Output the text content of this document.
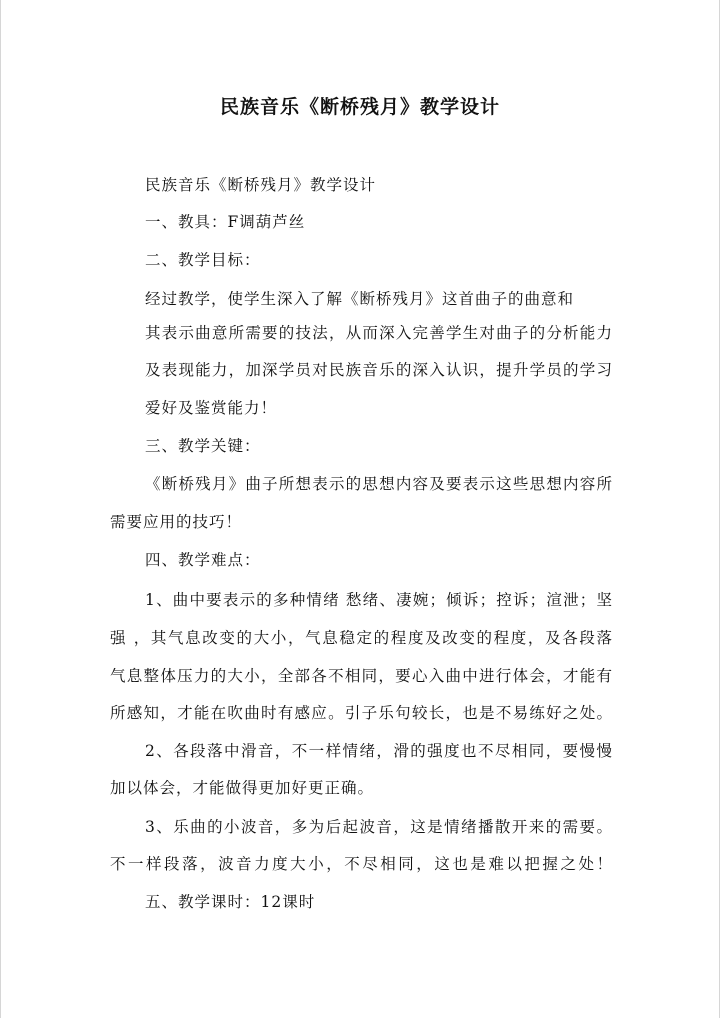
民族音乐《断桥残月》教学设计
民族音乐《断桥残月》教学设计
一、教具：F调葫芦丝
二、教学目标：
经过教学，使学生深入了解《断桥残月》这首曲子的曲意和
其表示曲意所需要的技法，从而深入完善学生对曲子的分析能力
及表现能力，加深学员对民族音乐的深入认识，提升学员的学习
爱好及鉴赏能力！
三、教学关键：
《断桥残月》曲子所想表示的思想内容及要表示这些思想内容所
需要应用的技巧！
四、教学难点：
1、曲中要表示的多种情绪 愁绪、凄婉；倾诉；控诉；渲泄；坚
强 ，其气息改变的大小，气息稳定的程度及改变的程度，及各段落
气息整体压力的大小，全部各不相同，要心入曲中进行体会，才能有
所感知，才能在吹曲时有感应。引子乐句较长，也是不易练好之处。
2、各段落中滑音，不一样情绪，滑的强度也不尽相同，要慢慢
加以体会，才能做得更加好更正确。
3、乐曲的小波音，多为后起波音，这是情绪播散开来的需要。
不一样段落，波音力度大小，不尽相同，这也是难以把握之处！
五、教学课时：12课时
